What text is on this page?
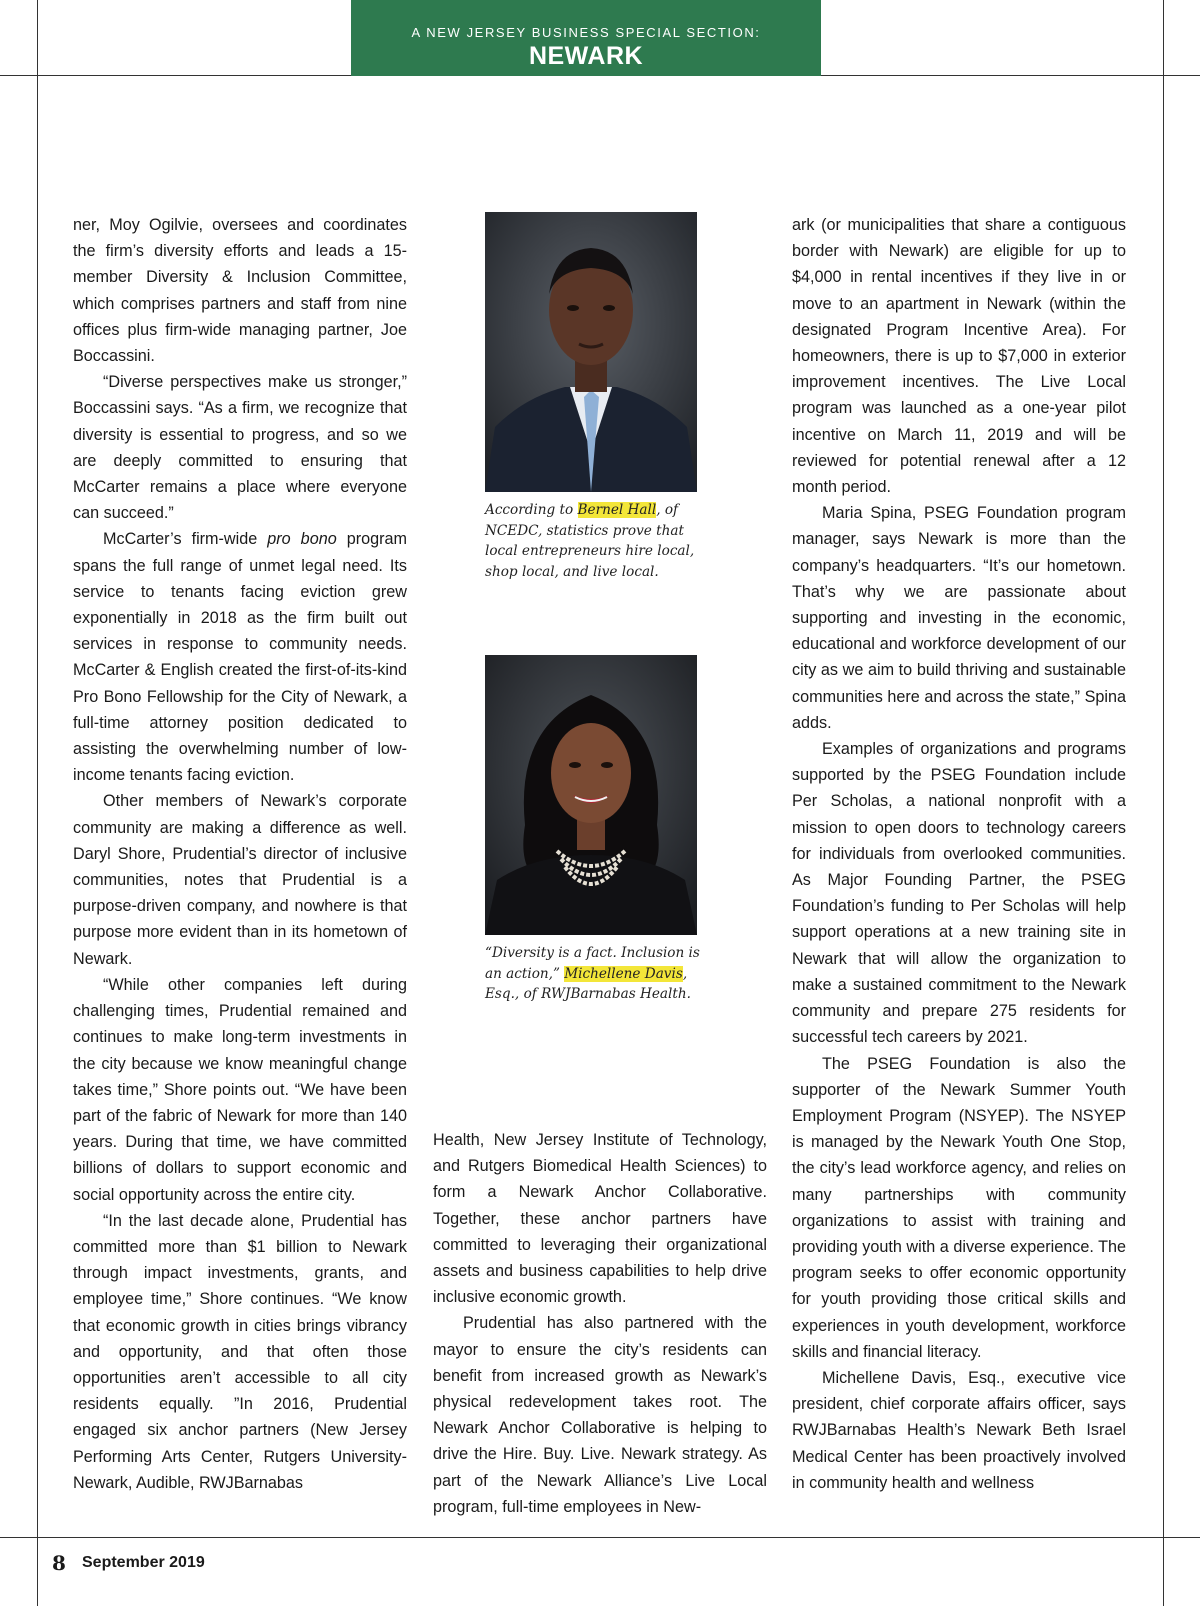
A NEW JERSEY BUSINESS SPECIAL SECTION:
NEWARK

ner, Moy Ogilvie, oversees and coordinates the firm’s diversity efforts and leads a 15-member Diversity & Inclusion Committee, which comprises partners and staff from nine offices plus firm-wide managing partner, Joe Boccassini.

“Diverse perspectives make us stronger,” Boccassini says. “As a firm, we recognize that diversity is essential to progress, and so we are deeply committed to ensuring that McCarter remains a place where everyone can succeed.”

McCarter’s firm-wide pro bono program spans the full range of unmet legal need. Its service to tenants facing eviction grew exponentially in 2018 as the firm built out services in response to community needs. McCarter & English created the first-of-its-kind Pro Bono Fellowship for the City of Newark, a full-time attorney position dedicated to assisting the overwhelming number of low-income tenants facing eviction.

Other members of Newark’s corporate community are making a difference as well. Daryl Shore, Prudential’s director of inclusive communities, notes that Prudential is a purpose-driven company, and nowhere is that purpose more evident than in its hometown of Newark.

“While other companies left during challenging times, Prudential remained and continues to make long-term investments in the city because we know meaningful change takes time,” Shore points out. “We have been part of the fabric of Newark for more than 140 years. During that time, we have committed billions of dollars to support economic and social opportunity across the entire city.

“In the last decade alone, Prudential has committed more than $1 billion to Newark through impact investments, grants, and employee time,” Shore continues. “We know that economic growth in cities brings vibrancy and opportunity, and that often those opportunities aren’t accessible to all city residents equally. ”In 2016, Prudential engaged six anchor partners (New Jersey Performing Arts Center, Rutgers University-Newark, Audible, RWJBarnabas

According to Bernel Hall, of NCEDC, statistics prove that local entrepreneurs hire local, shop local, and live local.
“Diversity is a fact. Inclusion is an action,” Michellene Davis, Esq., of RWJBarnabas Health.

Health, New Jersey Institute of Technology, and Rutgers Biomedical Health Sciences) to form a Newark Anchor Collaborative. Together, these anchor partners have committed to leveraging their organizational assets and business capabilities to help drive inclusive economic growth.

Prudential has also partnered with the mayor to ensure the city’s residents can benefit from increased growth as Newark’s physical redevelopment takes root. The Newark Anchor Collaborative is helping to drive the Hire. Buy. Live. Newark strategy. As part of the Newark Alliance’s Live Local program, full-time employees in New-

ark (or municipalities that share a contiguous border with Newark) are eligible for up to $4,000 in rental incentives if they live in or move to an apartment in Newark (within the designated Program Incentive Area). For homeowners, there is up to $7,000 in exterior improvement incentives. The Live Local program was launched as a one-year pilot incentive on March 11, 2019 and will be reviewed for potential renewal after a 12 month period.

Maria Spina, PSEG Foundation program manager, says Newark is more than the company’s headquarters. “It’s our hometown. That’s why we are passionate about supporting and investing in the economic, educational and workforce development of our city as we aim to build thriving and sustainable communities here and across the state,” Spina adds.

Examples of organizations and programs supported by the PSEG Foundation include Per Scholas, a national nonprofit with a mission to open doors to technology careers for individuals from overlooked communities. As Major Founding Partner, the PSEG Foundation’s funding to Per Scholas will help support operations at a new training site in Newark that will allow the organization to make a sustained commitment to the Newark community and prepare 275 residents for successful tech careers by 2021.

The PSEG Foundation is also the supporter of the Newark Summer Youth Employment Program (NSYEP). The NSYEP is managed by the Newark Youth One Stop, the city’s lead workforce agency, and relies on many partnerships with community organizations to assist with training and providing youth with a diverse experience. The program seeks to offer economic opportunity for youth providing those critical skills and experiences in youth development, workforce skills and financial literacy.

Michellene Davis, Esq., executive vice president, chief corporate affairs officer, says RWJBarnabas Health’s Newark Beth Israel Medical Center has been proactively involved in community health and wellness

8 September 2019
